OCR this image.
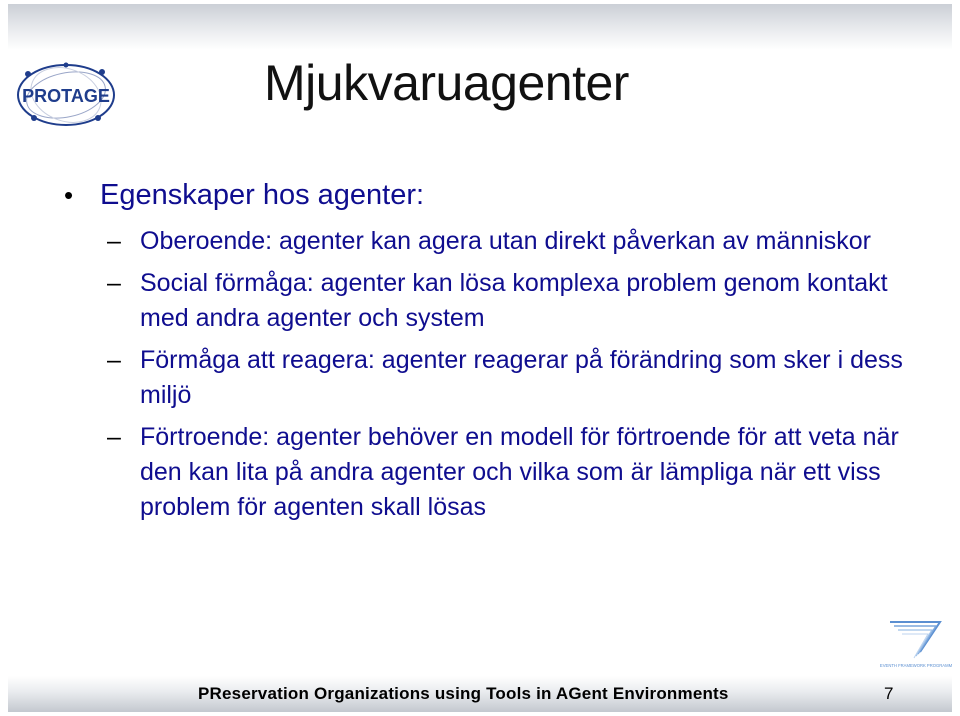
PROTAGE	Mjukvaruagenter
• Egenskaper hos agenter:
– Oberoende: agenter kan agera utan direkt påverkan av människor
– Social förmåga: agenter kan lösa komplexa problem genom kontakt med andra agenter och system
– Förmåga att reagera: agenter reagerar på förändring som sker i dess miljö
– Förtroende: agenter behöver en modell för förtroende för att veta när den kan lita på andra agenter och vilka som är lämpliga när ett viss problem för agenten skall lösas
SEVENTH FRAMEWORK PROGRAMME
PReservation Organizations using Tools in AGent Environments	7
